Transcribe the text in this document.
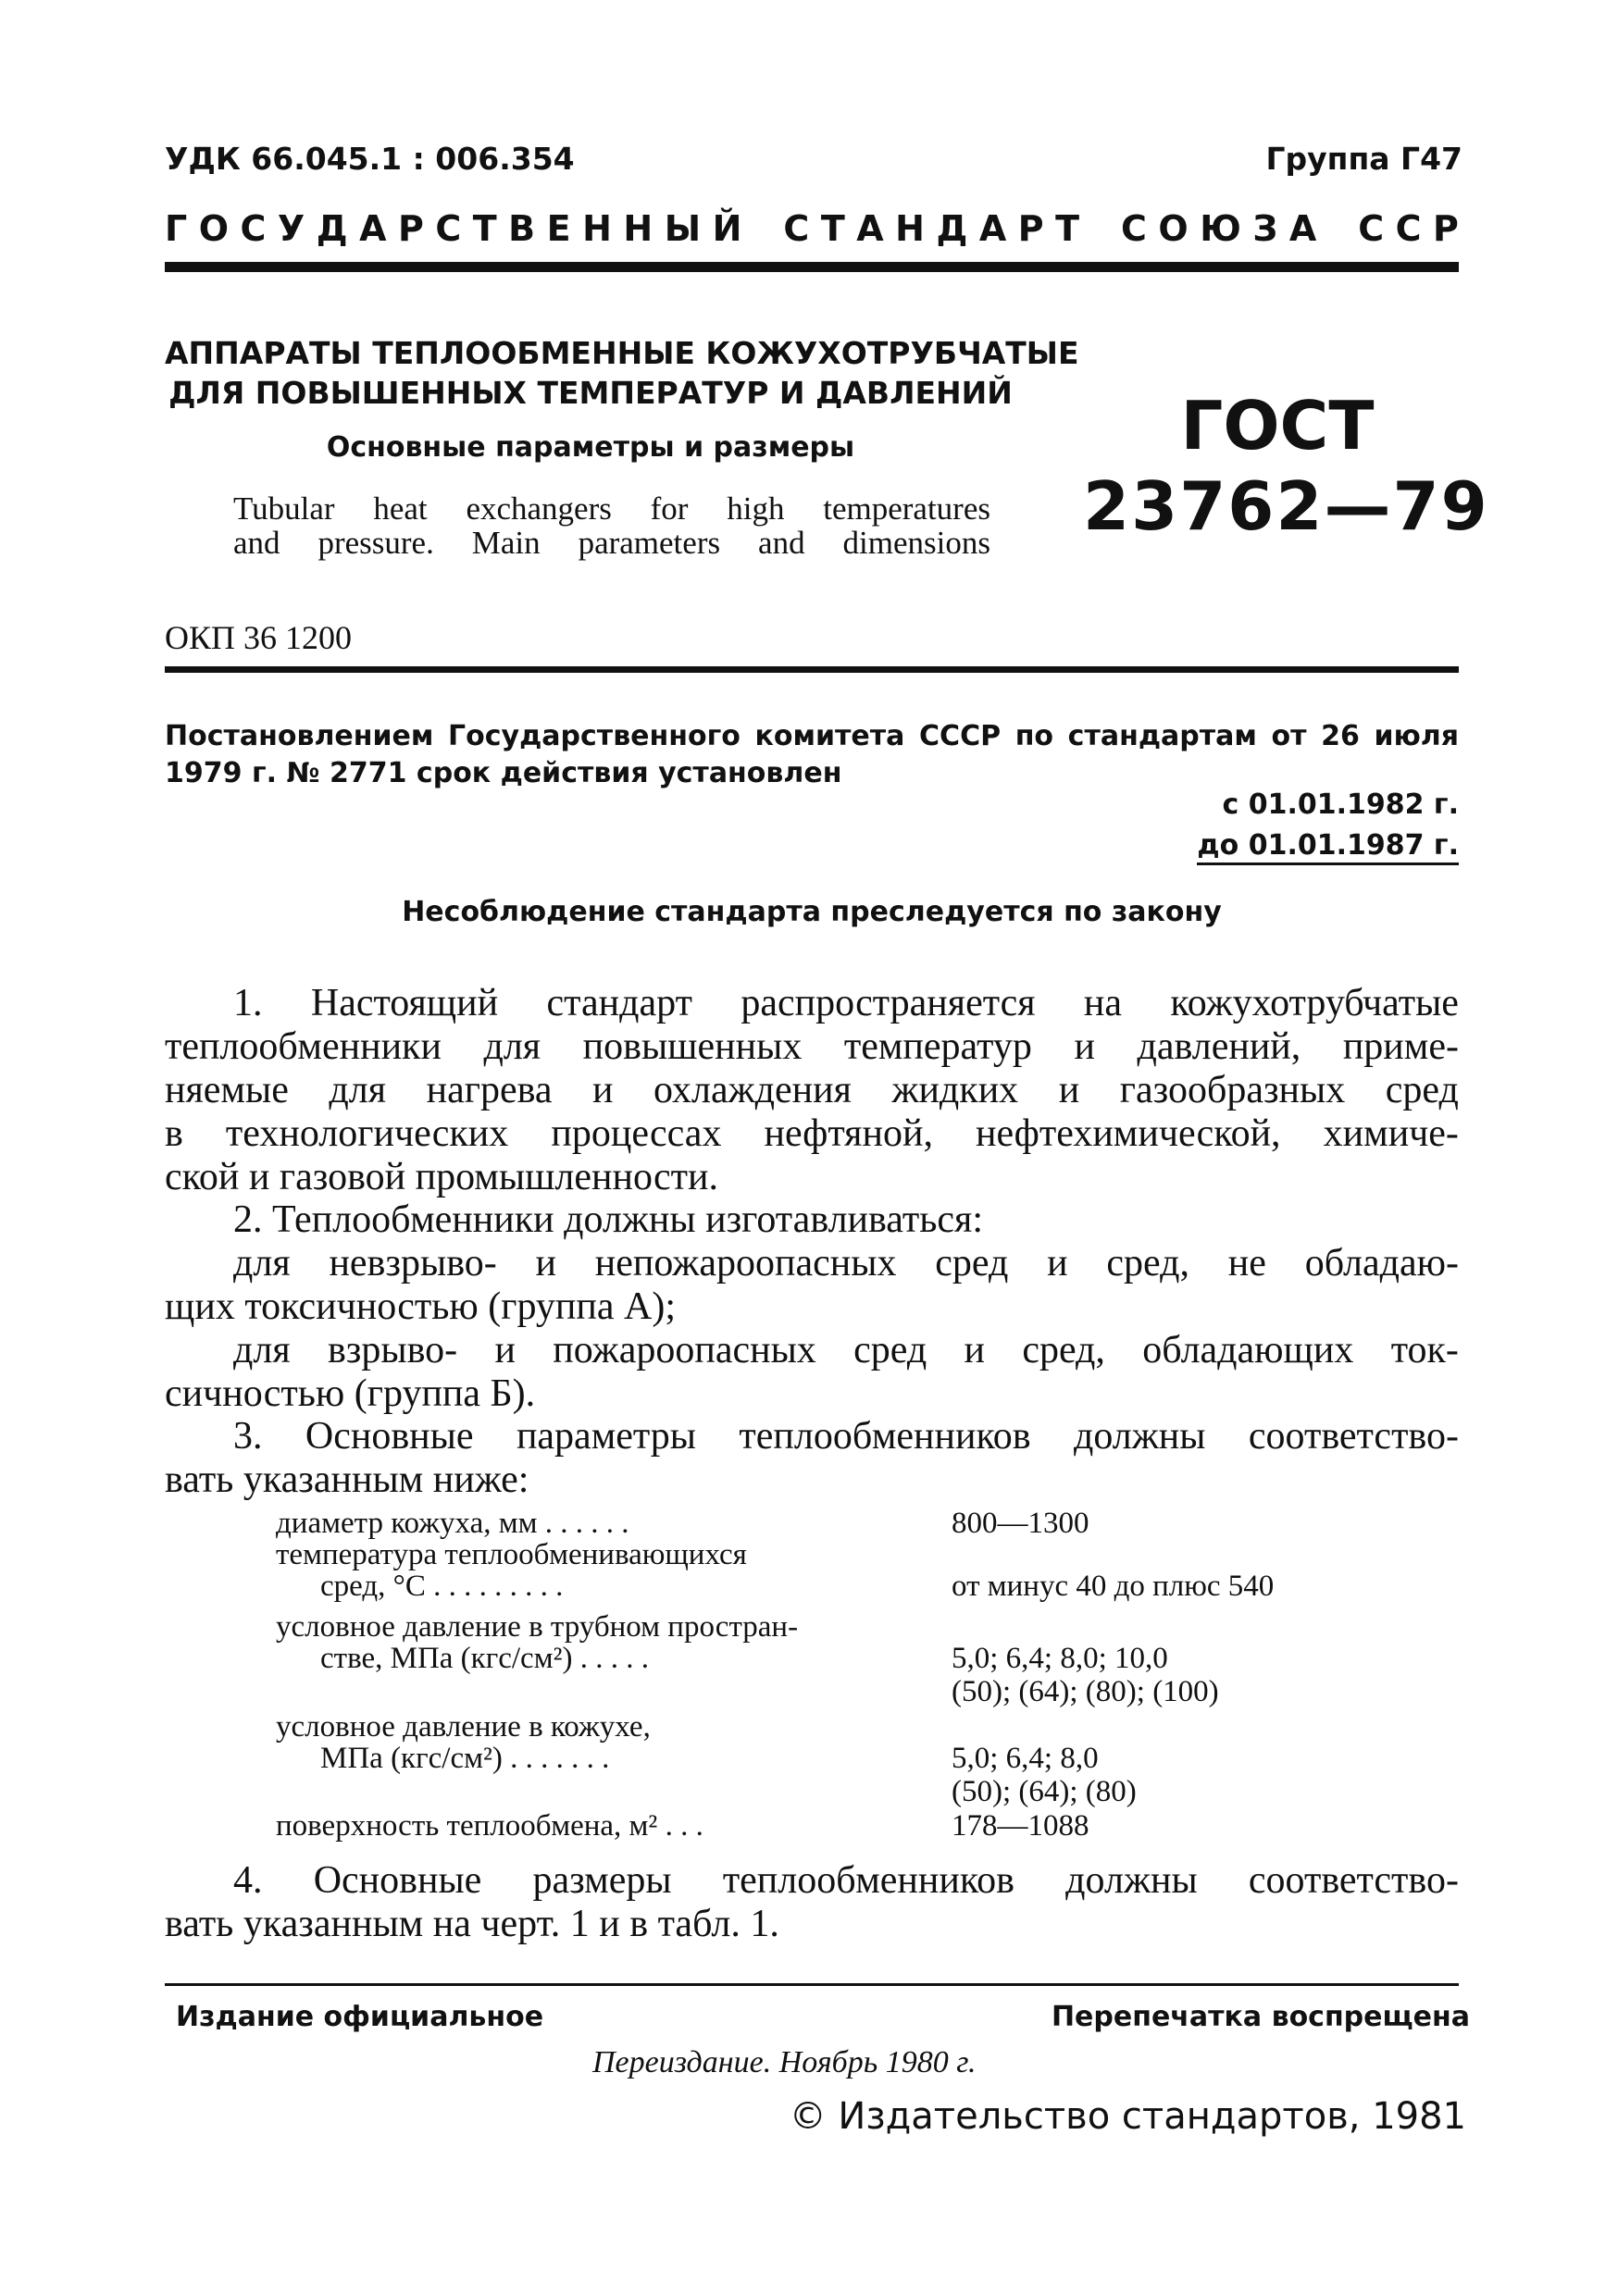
УДК 66.045.1 : 006.354	Группа Г47
Г О С У Д А Р С Т В Е Н Н Ы Й С Т А Н Д А Р Т С О Ю З А С С Р
АППАРАТЫ ТЕПЛООБМЕННЫЕ КОЖУХОТРУБЧАТЫЕ
ДЛЯ ПОВЫШЕННЫХ ТЕМПЕРАТУР И ДАВЛЕНИЙ
Основные параметры и размеры
Tubular heat exchangers for high temperatures
and pressure. Main parameters and dimensions
ГОСТ
23762—79
ОКП 36 1200
Постановлением Государственного комитета СССР по стандартам от 26 июля
1979 г. № 2771 срок действия установлен
с 01.01.1982 г.
до 01.01.1987 г.
Несоблюдение стандарта преследуется по закону
1. Настоящий стандарт распространяется на кожухотрубчатые
теплообменники для повышенных температур и давлений, приме-
няемые для нагрева и охлаждения жидких и газообразных сред
в технологических процессах нефтяной, нефтехимической, химиче-
ской и газовой промышленности.
2. Теплообменники должны изготавливаться:
для невзрыво- и непожароопасных сред и сред, не обладаю-
щих токсичностью (группа А);
для взрыво- и пожароопасных сред и сред, обладающих ток-
сичностью (группа Б).
3. Основные параметры теплообменников должны соответство-
вать указанным ниже:
диаметр кожуха, мм . . . . . .	800—1300
температура теплообменивающихся
сред, °C . . . . . . . . .	от минус 40 до плюс 540
условное давление в трубном простран-
стве, МПа (кгс/см²) . . . . .	5,0; 6,4; 8,0; 10,0
(50); (64); (80); (100)
условное давление в кожухе,
МПа (кгс/см²) . . . . . . .	5,0; 6,4; 8,0
(50); (64); (80)
поверхность теплообмена, м² . . .	178—1088
4. Основные размеры теплообменников должны соответство-
вать указанным на черт. 1 и в табл. 1.
Издание официальное	Перепечатка воспрещена
Переиздание. Ноябрь 1980 г.
© Издательство стандартов, 1981
